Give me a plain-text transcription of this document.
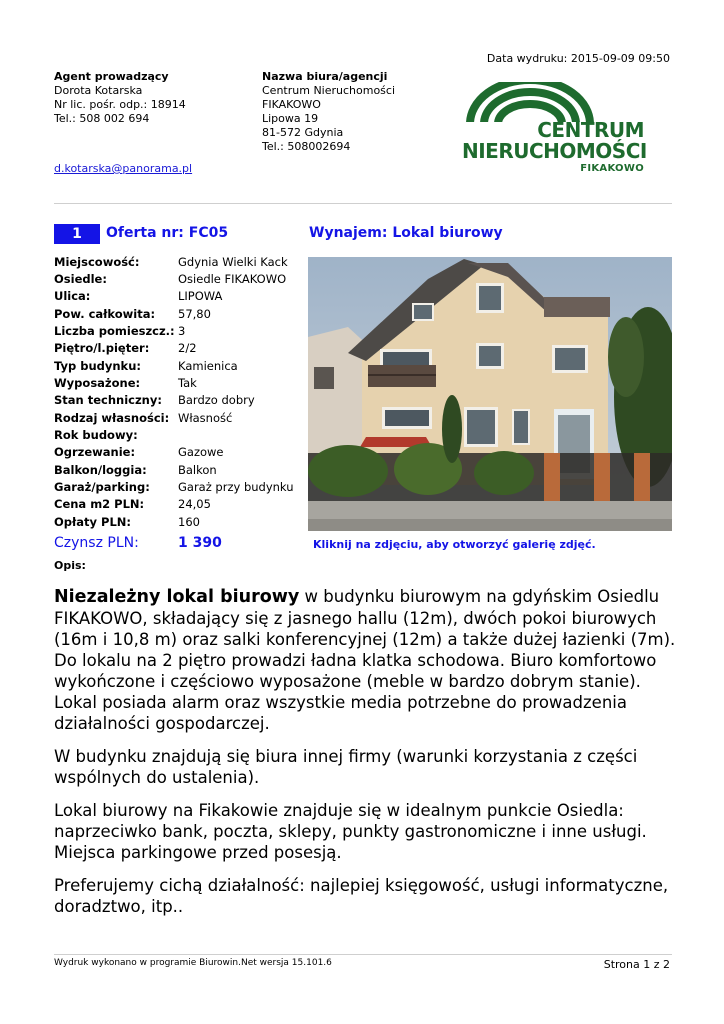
Data wydruku: 2015-09-09 09:50
Agent prowadzący
Dorota Kotarska
Nr lic. pośr. odp.: 18914
Tel.: 508 002 694
d.kotarska@panorama.pl
Nazwa biura/agencji
Centrum Nieruchomości
FIKAKOWO
Lipowa 19
81-572 Gdynia
Tel.: 508002694
CENTRUM
NIERUCHOMOŚCI
FIKAKOWO
1	Oferta nr: FC05	Wynajem: Lokal biurowy
Miejscowość:	Gdynia Wielki Kack
Osiedle:	Osiedle FIKAKOWO
Ulica:	LIPOWA
Pow. całkowita:	57,80
Liczba pomieszcz.: 3
Piętro/l.pięter:	2/2
Typ budynku:	Kamienica
Wyposażone:	Tak
Stan techniczny:	Bardzo dobry
Rodzaj własności: Własność
Rok budowy:
Ogrzewanie:	Gazowe
Balkon/loggia:	Balkon
Garaż/parking:	Garaż przy budynku
Cena m2 PLN:	24,05
Opłaty PLN:	160
Czynsz PLN:	1 390
Opis:
Kliknij na zdjęciu, aby otworzyć galerię zdjęć.

Niezależny lokal biurowy w budynku biurowym na gdyńskim Osiedlu FIKAKOWO, składający się z jasnego hallu (12m), dwóch pokoi biurowych (16m i 10,8 m) oraz salki konferencyjnej (12m) a także dużej łazienki (7m). Do lokalu na 2 piętro prowadzi ładna klatka schodowa. Biuro komfortowo wykończone i częściowo wyposażone (meble w bardzo dobrym stanie). Lokal posiada alarm oraz wszystkie media potrzebne do prowadzenia działalności gospodarczej.

W budynku znajdują się biura innej firmy (warunki korzystania z części wspólnych do ustalenia).

Lokal biurowy na Fikakowie znajduje się w idealnym punkcie Osiedla: naprzeciwko bank, poczta, sklepy, punkty gastronomiczne i inne usługi. Miejsca parkingowe przed posesją.

Preferujemy cichą działalność: najlepiej księgowość, usługi informatyczne, doradztwo, itp..

Wydruk wykonano w programie Biurowin.Net wersja 15.101.6	Strona 1 z 2
